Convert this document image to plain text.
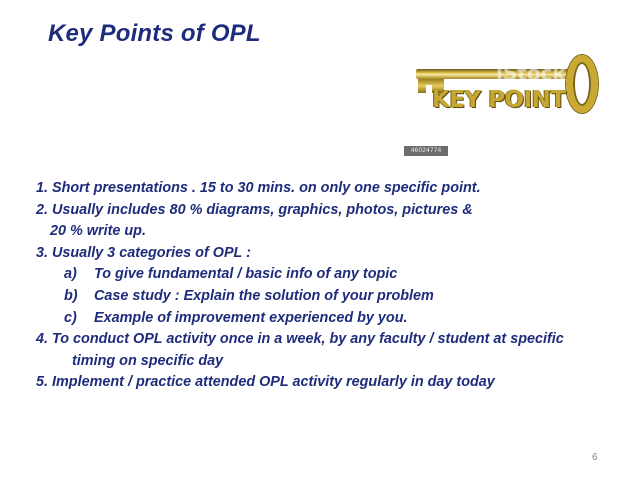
Key Points of OPL
iStock
KEY POINT
46024774
1. Short presentations . 15 to 30 mins. on only one specific point.
2. Usually includes 80 % diagrams, graphics, photos, pictures &
20 % write up.
3. Usually 3 categories of OPL :
a) To give fundamental / basic info of any topic
b) Case study : Explain the solution of your problem
c) Example of improvement experienced by you.
4. To conduct OPL activity once in a week, by any faculty / student at specific
timing on specific day
5. Implement / practice attended OPL activity regularly in day today
6
